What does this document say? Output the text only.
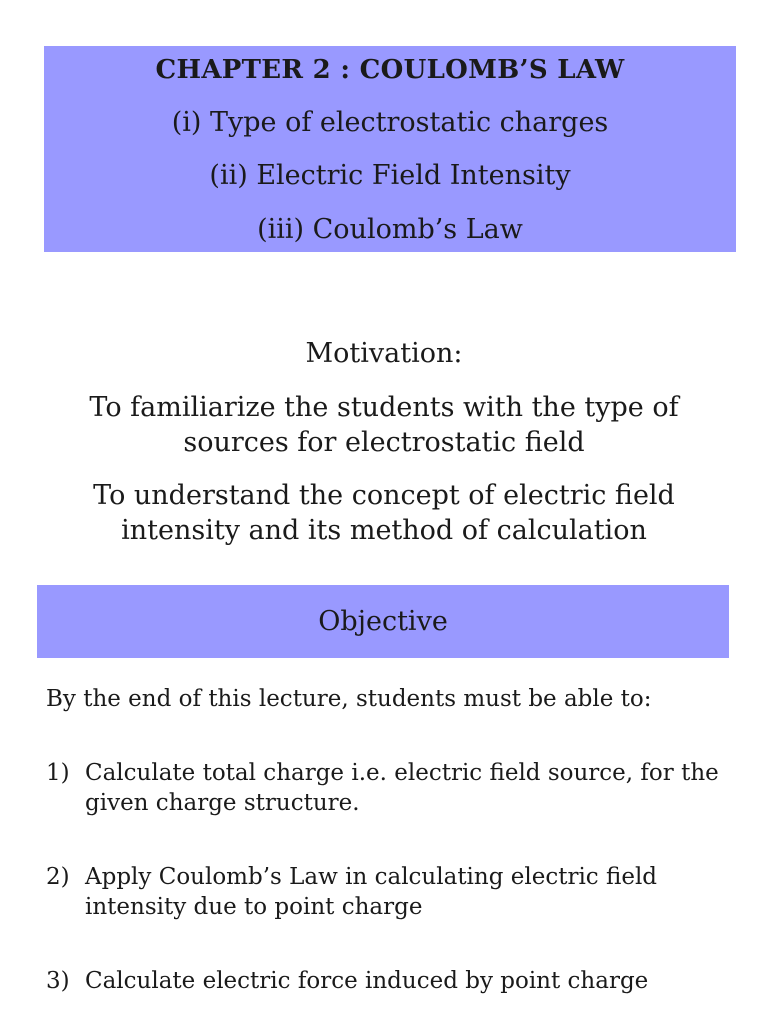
CHAPTER 2 : COULOMB’S LAW
(i) Type of electrostatic charges
(ii) Electric Field Intensity
(iii) Coulomb’s Law
Motivation:
To familiarize the students with the type of sources for electrostatic field
To understand the concept of electric field intensity and its method of calculation
Objective
By the end of this lecture, students must be able to:
1) Calculate total charge i.e. electric field source, for the given charge structure.
2) Apply Coulomb’s Law in calculating electric field intensity due to point charge
3) Calculate electric force induced by point charge
